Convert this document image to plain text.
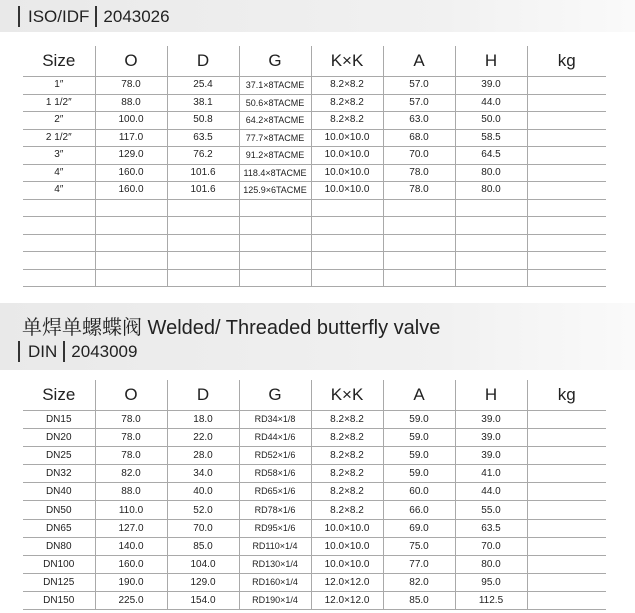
ISO/IDF 2043026
Size	O	D	G	K×K	A	H	kg
1″	78.0	25.4	37.1×8TACME	8.2×8.2	57.0	39.0	
1 1/2″	88.0	38.1	50.6×8TACME	8.2×8.2	57.0	44.0	
2″	100.0	50.8	64.2×8TACME	8.2×8.2	63.0	50.0	
2 1/2″	117.0	63.5	77.7×8TACME	10.0×10.0	68.0	58.5	
3″	129.0	76.2	91.2×8TACME	10.0×10.0	70.0	64.5	
4″	160.0	101.6	118.4×8TACME	10.0×10.0	78.0	80.0	
4″	160.0	101.6	125.9×6TACME	10.0×10.0	78.0	80.0	

单焊单螺蝶阀 Welded/ Threaded butterfly valve
DIN 2043009
Size	O	D	G	K×K	A	H	kg
DN15	78.0	18.0	RD34×1/8	8.2×8.2	59.0	39.0	
DN20	78.0	22.0	RD44×1/6	8.2×8.2	59.0	39.0	
DN25	78.0	28.0	RD52×1/6	8.2×8.2	59.0	39.0	
DN32	82.0	34.0	RD58×1/6	8.2×8.2	59.0	41.0	
DN40	88.0	40.0	RD65×1/6	8.2×8.2	60.0	44.0	
DN50	110.0	52.0	RD78×1/6	8.2×8.2	66.0	55.0	
DN65	127.0	70.0	RD95×1/6	10.0×10.0	69.0	63.5	
DN80	140.0	85.0	RD110×1/4	10.0×10.0	75.0	70.0	
DN100	160.0	104.0	RD130×1/4	10.0×10.0	77.0	80.0	
DN125	190.0	129.0	RD160×1/4	12.0×12.0	82.0	95.0	
DN150	225.0	154.0	RD190×1/4	12.0×12.0	85.0	112.5	
